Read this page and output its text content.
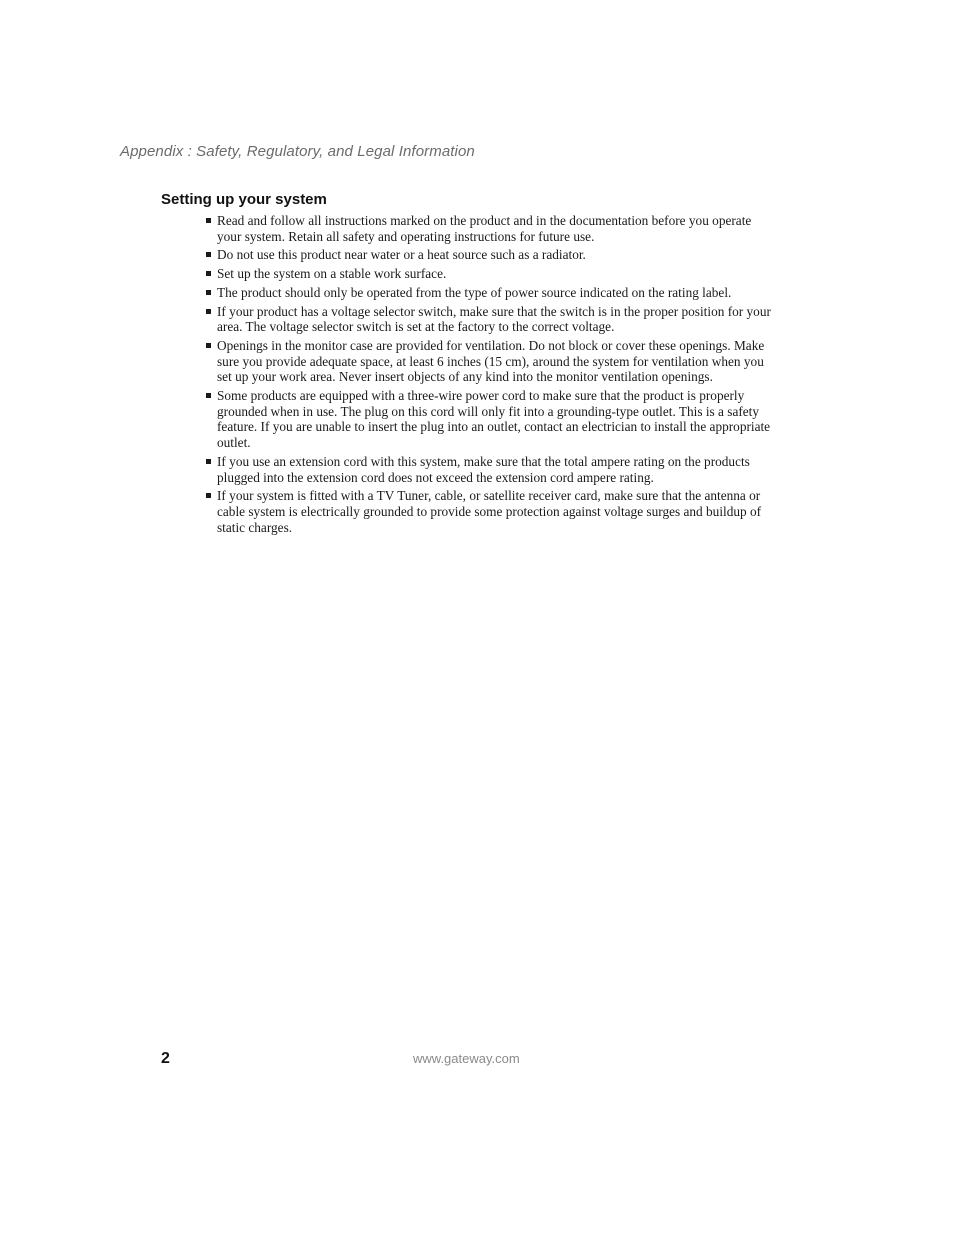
Appendix : Safety, Regulatory, and Legal Information
Setting up your system
Read and follow all instructions marked on the product and in the documentation before you operate your system. Retain all safety and operating instructions for future use.
Do not use this product near water or a heat source such as a radiator.
Set up the system on a stable work surface.
The product should only be operated from the type of power source indicated on the rating label.
If your product has a voltage selector switch, make sure that the switch is in the proper position for your area. The voltage selector switch is set at the factory to the correct voltage.
Openings in the monitor case are provided for ventilation. Do not block or cover these openings. Make sure you provide adequate space, at least 6 inches (15 cm), around the system for ventilation when you set up your work area. Never insert objects of any kind into the monitor ventilation openings.
Some products are equipped with a three-wire power cord to make sure that the product is properly grounded when in use. The plug on this cord will only fit into a grounding-type outlet. This is a safety feature. If you are unable to insert the plug into an outlet, contact an electrician to install the appropriate outlet.
If you use an extension cord with this system, make sure that the total ampere rating on the products plugged into the extension cord does not exceed the extension cord ampere rating.
If your system is fitted with a TV Tuner, cable, or satellite receiver card, make sure that the antenna or cable system is electrically grounded to provide some protection against voltage surges and buildup of static charges.
2	www.gateway.com
